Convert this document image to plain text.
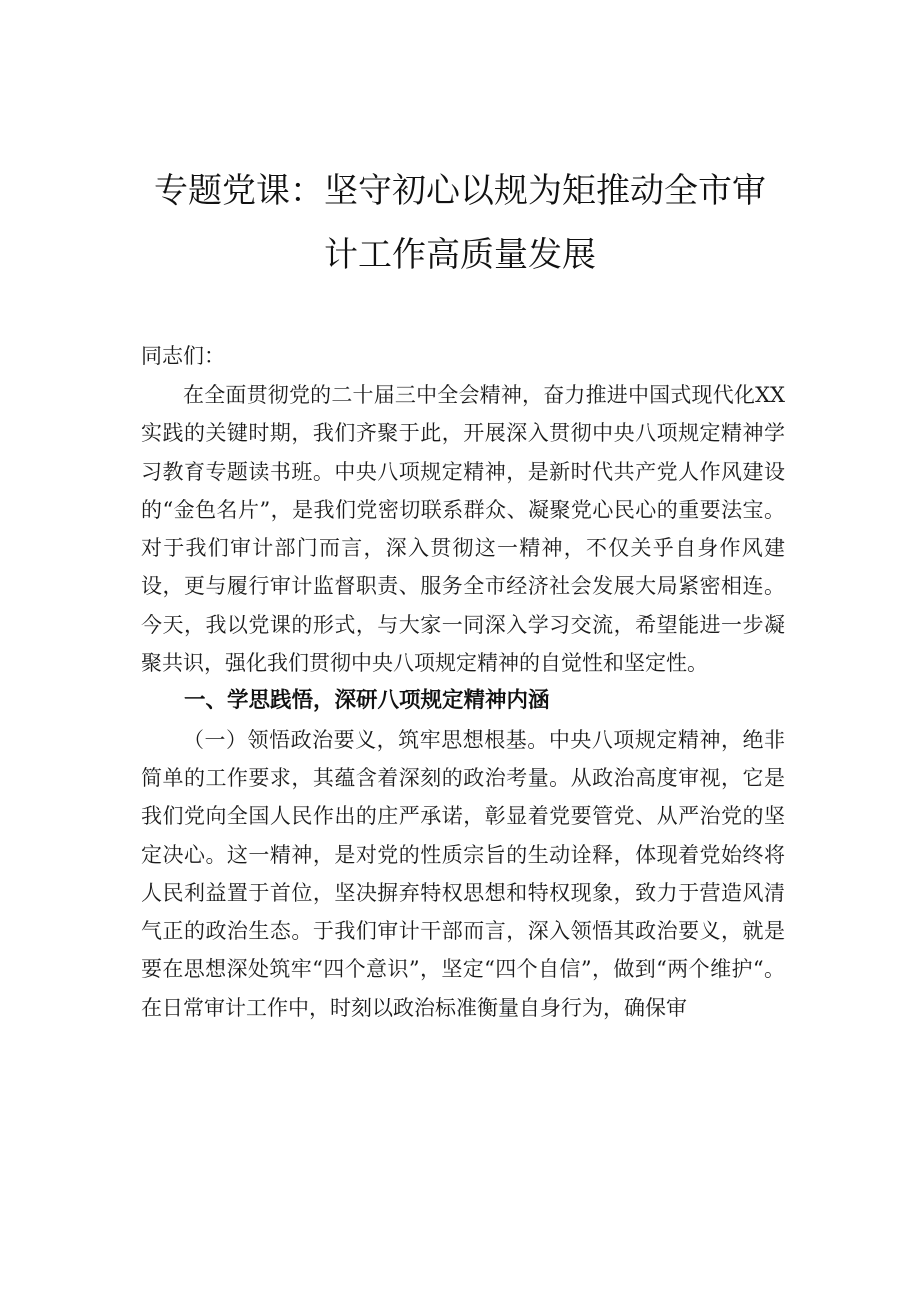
专题党课：坚守初心以规为矩推动全市审
计工作高质量发展
同志们：

在全面贯彻党的二十届三中全会精神，奋力推进中国式现代化XX实践的关键时期，我们齐聚于此，开展深入贯彻中央八项规定精神学习教育专题读书班。中央八项规定精神，是新时代共产党人作风建设的“金色名片”，是我们党密切联系群众、凝聚党心民心的重要法宝。对于我们审计部门而言，深入贯彻这一精神，不仅关乎自身作风建设，更与履行审计监督职责、服务全市经济社会发展大局紧密相连。今天，我以党课的形式，与大家一同深入学习交流，希望能进一步凝聚共识，强化我们贯彻中央八项规定精神的自觉性和坚定性。

一、学思践悟，深研八项规定精神内涵

（一）领悟政治要义，筑牢思想根基。中央八项规定精神，绝非简单的工作要求，其蕴含着深刻的政治考量。从政治高度审视，它是我们党向全国人民作出的庄严承诺，彰显着党要管党、从严治党的坚定决心。这一精神，是对党的性质宗旨的生动诠释，体现着党始终将人民利益置于首位，坚决摒弃特权思想和特权现象，致力于营造风清气正的政治生态。于我们审计干部而言，深入领悟其政治要义，就是要在思想深处筑牢“四个意识”，坚定“四个自信”，做到“两个维护“。在日常审计工作中，时刻以政治标准衡量自身行为，确保审
